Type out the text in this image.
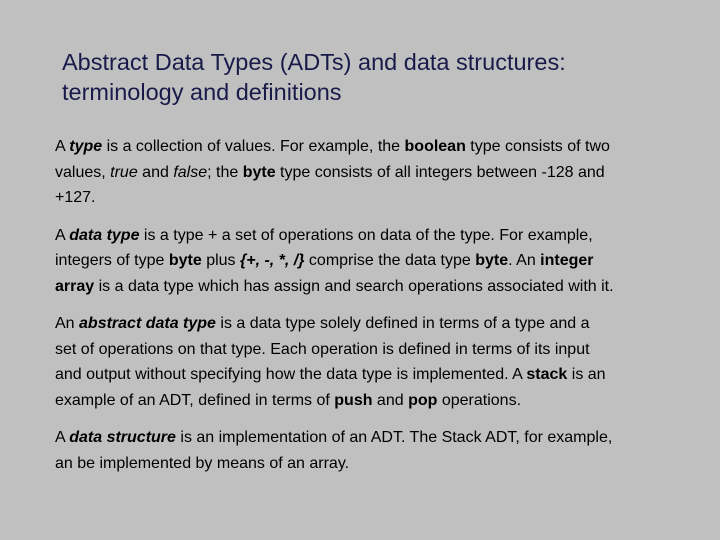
Abstract Data Types (ADTs) and data structures:
terminology and definitions

A type is a collection of values. For example, the boolean type consists of two
values, true and false; the byte type consists of all integers between -128 and
+127.

A data type is a type + a set of operations on data of the type. For example,
integers of type byte plus {+, -, *, /} comprise the data type byte. An integer
array is a data type which has assign and search operations associated with it.

An abstract data type is a data type solely defined in terms of a type and a
set of operations on that type. Each operation is defined in terms of its input
and output without specifying how the data type is implemented. A stack is an
example of an ADT, defined in terms of push and pop operations.

A data structure is an implementation of an ADT. The Stack ADT, for example,
an be implemented by means of an array.
